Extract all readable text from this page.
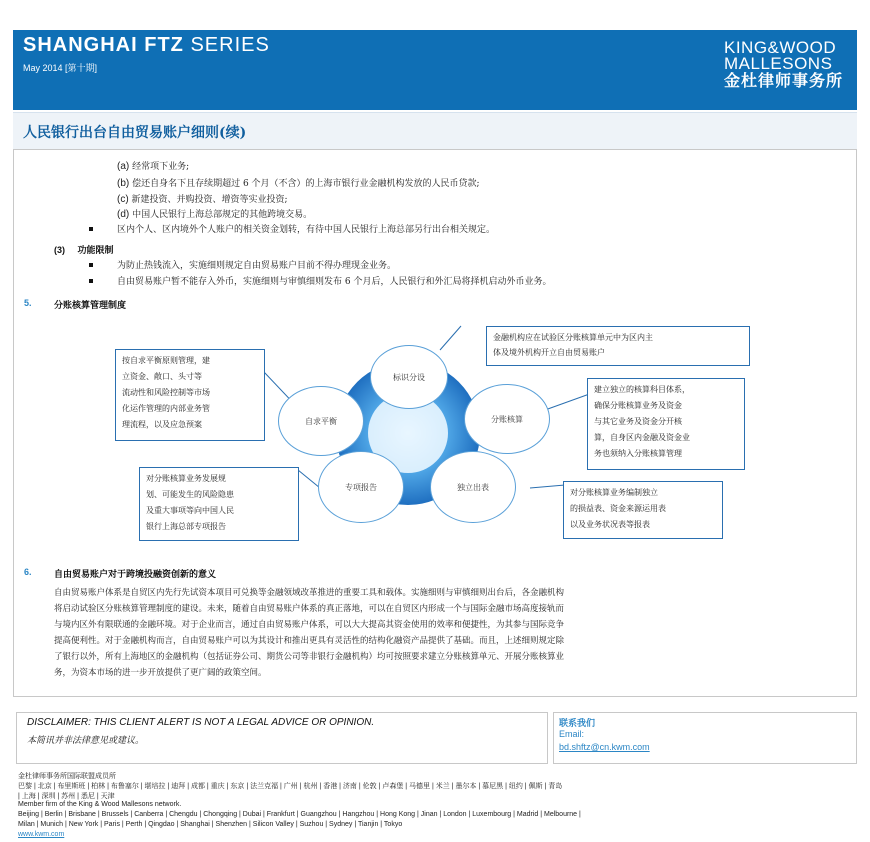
SHANGHAI FTZ SERIES
May 2014 [第十期]
KING&WOOD
MALLESONS
金杜律师事务所
人民银行出台自由贸易账户细则(续)
(a) 经常项下业务;
(b) 偿还自身名下且存续期超过 6 个月（不含）的上海市银行业金融机构发放的人民币贷款;
(c) 新建投资、并购投资、增资等实业投资;
(d) 中国人民银行上海总部规定的其他跨境交易。
区内个人、区内境外个人账户的相关资金划转，有待中国人民银行上海总部另行出台相关规定。
(3) 功能限制
为防止热钱流入，实施细则规定自由贸易账户目前不得办理现金业务。
自由贸易账户暂不能存入外币，实施细则与审慎细则发布 6 个月后，人民银行和外汇局将择机启动外币业务。
5. 分账核算管理制度
标识分设
分账核算
独立出表
专项报告
自求平衡
金融机构应在试验区分账核算单元中为区内主
体及境外机构开立自由贸易账户
建立独立的核算科目体系，
确保分账核算业务及资金
与其它业务及资金分开核
算，自身区内金融及资金业
务也须纳入分账核算管理
对分账核算业务编制独立
的损益表、资金来源运用表
以及业务状况表等报表
对分账核算业务发展规
划、可能发生的风险隐患
及重大事项等向中国人民
银行上海总部专项报告
按自求平衡原则管理，建
立资金、敞口、头寸等
流动性和风险控制等市场
化运作管理的内部业务管
理流程，以及应急预案
6. 自由贸易账户对于跨境投融资创新的意义
自由贸易账户体系是自贸区内先行先试资本项目可兑换等金融领域改革推进的重要工具和载体。实施细则与审慎细则出台后，各金融机构
将启动试验区分账核算管理制度的建设。未来，随着自由贸易账户体系的真正落地，可以在自贸区内形成一个与国际金融市场高度接轨而
与境内区外有限联通的金融环境。对于企业而言，通过自由贸易账户体系，可以大大提高其资金使用的效率和便捷性，为其参与国际竞争
提高便利性。对于金融机构而言，自由贸易账户可以为其设计和推出更具有灵活性的结构化融资产品提供了基础。而且，上述细则规定除
了银行以外，所有上海地区的金融机构（包括证券公司、期货公司等非银行金融机构）均可按照要求建立分账核算单元、开展分账核算业
务，为资本市场的进一步开放提供了更广阔的政策空间。
DISCLAIMER: THIS CLIENT ALERT IS NOT A LEGAL ADVICE OR OPINION.
本简讯并非法律意见或建议。
联系我们
Email:
bd.shftz@cn.kwm.com
金杜律师事务所国际联盟成员所
巴黎 | 北京 | 布里斯班 | 柏林 | 布鲁塞尔 | 堪培拉 | 迪拜 | 成都 | 重庆 | 东京 | 法兰克福 | 广州 | 杭州 | 香港 | 济南 | 伦敦 | 卢森堡 | 马德里 | 米兰 | 墨尔本 | 慕尼黑 | 纽约 | 佩斯 | 青岛
| 上海 | 深圳 | 苏州 | 悉尼 | 天津
Member firm of the King & Wood Mallesons network.
Beijing | Berlin | Brisbane | Brussels | Canberra | Chengdu | Chongqing | Dubai | Frankfurt | Guangzhou | Hangzhou | Hong Kong | Jinan | London | Luxembourg | Madrid | Melbourne |
Milan | Munich | New York | Paris | Perth | Qingdao | Shanghai | Shenzhen | Silicon Valley | Suzhou | Sydney | Tianjin | Tokyo
www.kwm.com
